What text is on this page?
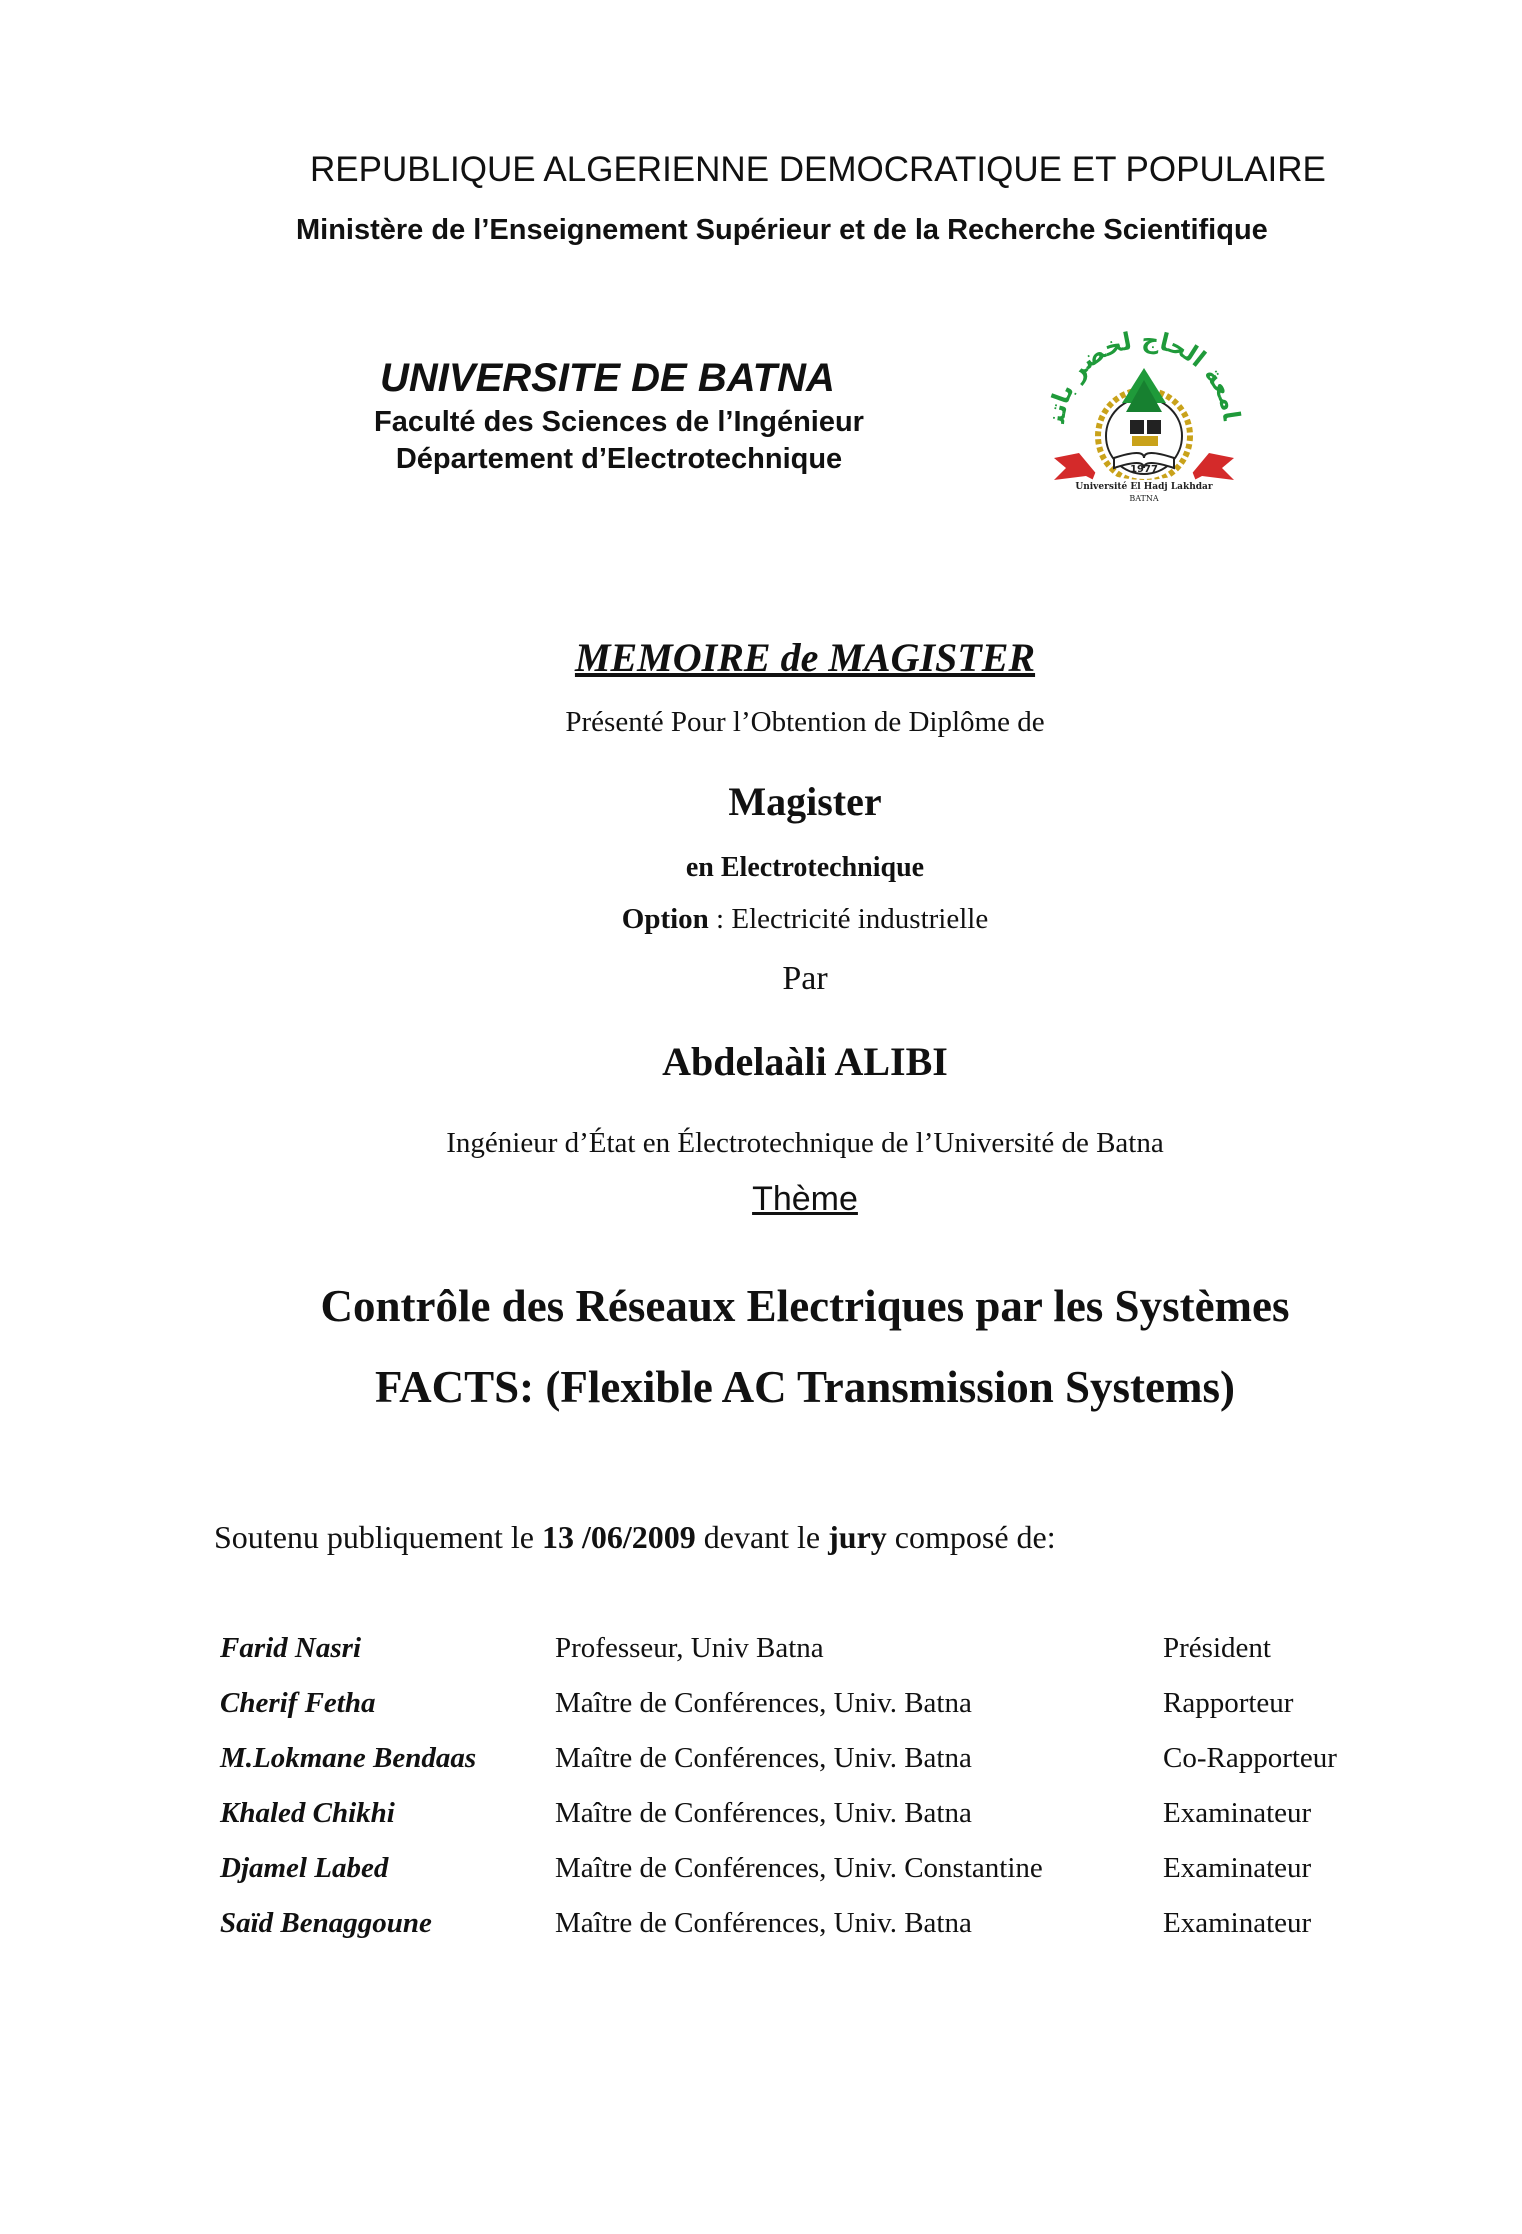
REPUBLIQUE ALGERIENNE DEMOCRATIQUE ET POPULAIRE
Ministère de l’Enseignement Supérieur et de la Recherche Scientifique
UNIVERSITE DE BATNA
Faculté des Sciences de l’Ingénieur
Département d’Electrotechnique
امعة الحاج لخضر باتن
1977
Université El Hadj Lakhdar
BATNA
MEMOIRE de MAGISTER
Présenté Pour l’Obtention de Diplôme de
Magister
en Electrotechnique
Option : Electricité industrielle
Par
Abdelaàli ALIBI
Ingénieur d’État en Électrotechnique de l’Université de Batna
Thème
Contrôle des Réseaux Electriques par les Systèmes
FACTS: (Flexible AC Transmission Systems)
Soutenu publiquement le 13 /06/2009 devant le jury composé de:
Farid Nasri	Professeur, Univ Batna	Président
Cherif Fetha	Maître de Conférences, Univ. Batna	Rapporteur
M.Lokmane Bendaas	Maître de Conférences, Univ. Batna	Co-Rapporteur
Khaled Chikhi	Maître de Conférences, Univ. Batna	Examinateur
Djamel Labed	Maître de Conférences, Univ. Constantine	Examinateur
Saïd Benaggoune	Maître de Conférences, Univ. Batna	Examinateur
